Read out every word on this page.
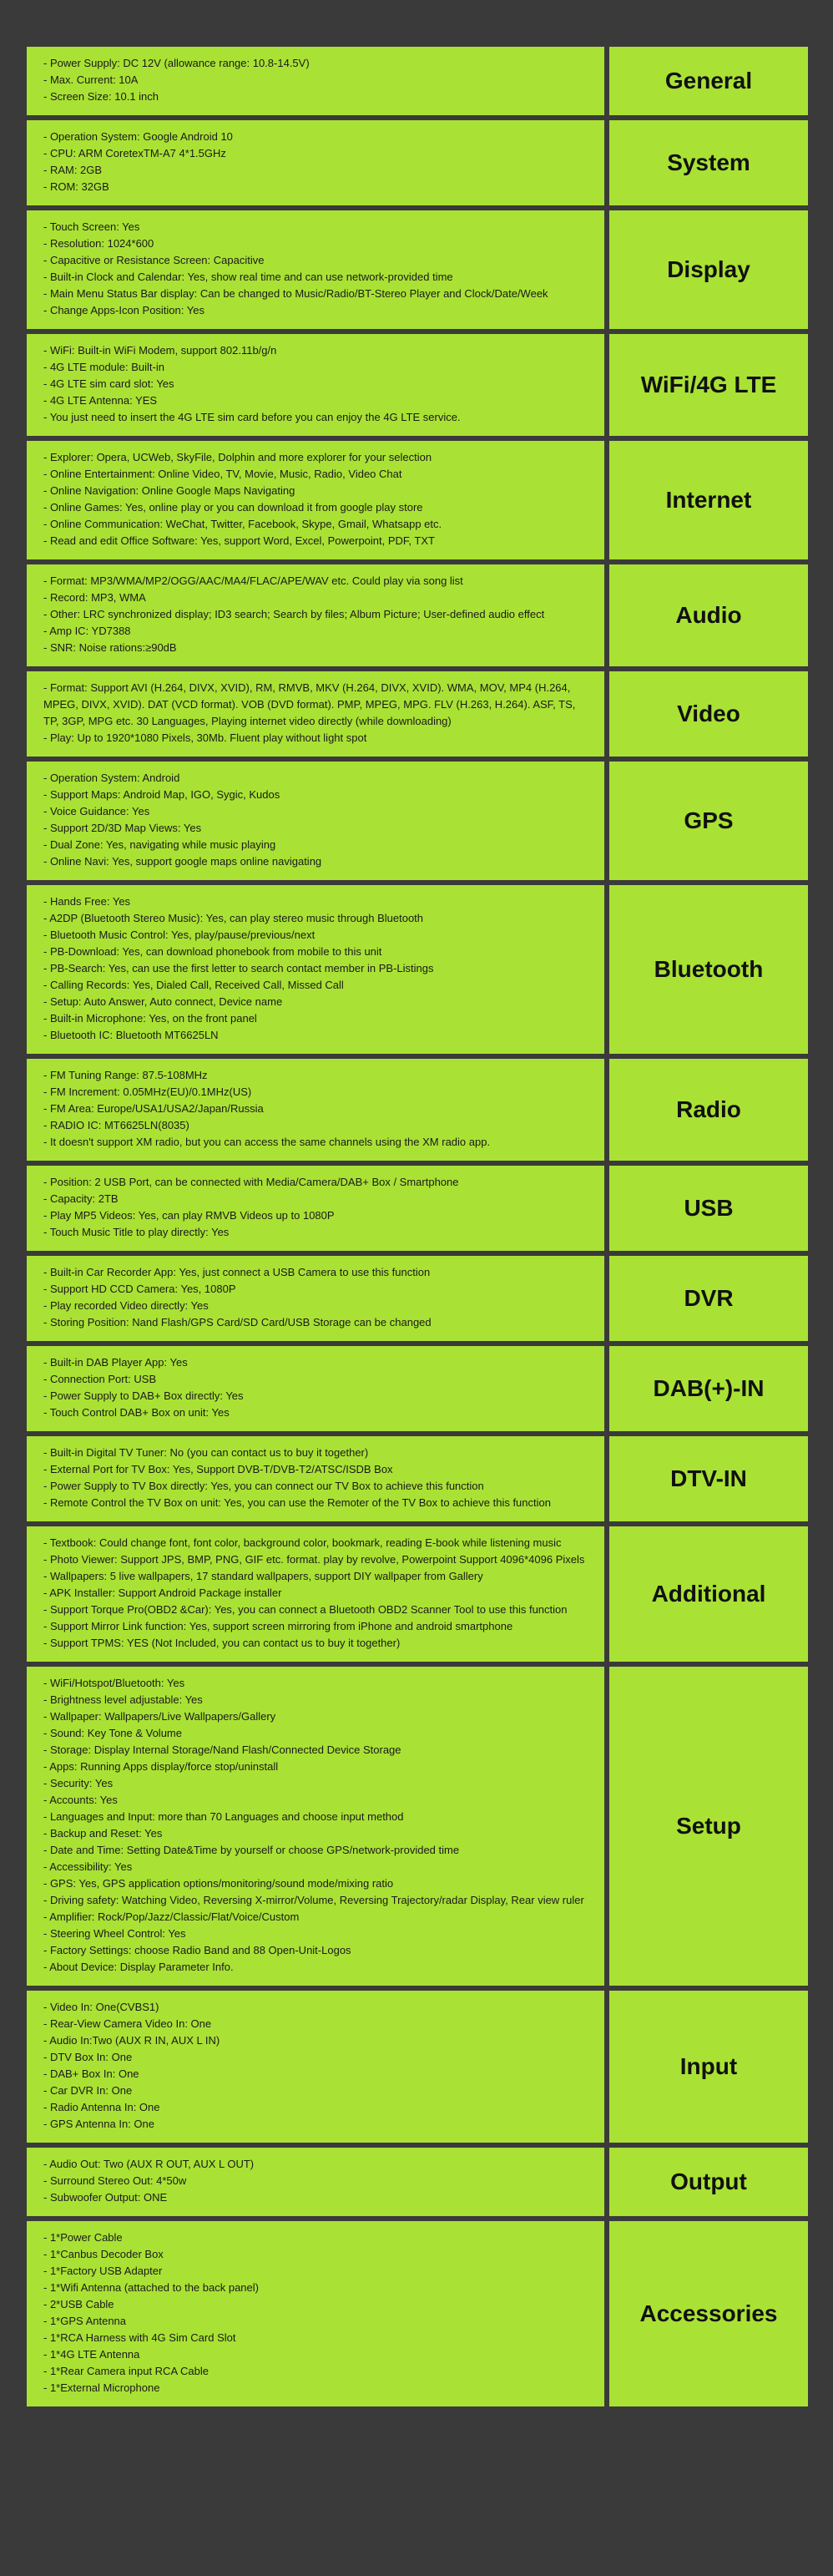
- Power Supply: DC 12V (allowance range: 10.8-14.5V)
- Max. Current: 10A
- Screen Size: 10.1 inch
General
- Operation System: Google Android 10
- CPU: ARM CoretexTM-A7 4*1.5GHz
- RAM: 2GB
- ROM: 32GB
System
- Touch Screen: Yes
- Resolution: 1024*600
- Capacitive or Resistance Screen: Capacitive
- Built-in Clock and Calendar: Yes, show real time and can use network-provided time
- Main Menu Status Bar display: Can be changed to Music/Radio/BT-Stereo Player and Clock/Date/Week
- Change Apps-Icon Position: Yes
Display
- WiFi: Built-in WiFi Modem, support 802.11b/g/n
- 4G LTE module: Built-in
- 4G LTE sim card slot: Yes
- 4G LTE Antenna: YES
- You just need to insert the 4G LTE sim card before you can enjoy the 4G LTE service.
WiFi/4G LTE
- Explorer: Opera, UCWeb, SkyFile, Dolphin and more explorer for your selection
- Online Entertainment: Online Video, TV, Movie, Music, Radio, Video Chat
- Online Navigation: Online Google Maps Navigating
- Online Games: Yes, online play or you can download it from google play store
- Online Communication: WeChat, Twitter, Facebook, Skype, Gmail, Whatsapp etc.
- Read and edit Office Software: Yes, support Word, Excel, Powerpoint, PDF, TXT
Internet
- Format: MP3/WMA/MP2/OGG/AAC/MA4/FLAC/APE/WAV etc. Could play via song list
- Record: MP3, WMA
- Other: LRC synchronized display; ID3 search; Search by files; Album Picture; User-defined audio effect
- Amp IC: YD7388
- SNR: Noise rations:≥90dB
Audio
- Format: Support AVI (H.264, DIVX, XVID), RM, RMVB, MKV (H.264, DIVX, XVID). WMA, MOV, MP4 (H.264, MPEG, DIVX, XVID). DAT (VCD format). VOB (DVD format). PMP, MPEG, MPG. FLV (H.263, H.264). ASF, TS, TP, 3GP, MPG etc. 30 Languages, Playing internet video directly (while downloading)
- Play: Up to 1920*1080 Pixels, 30Mb. Fluent play without light spot
Video
- Operation System: Android
- Support Maps: Android Map, IGO, Sygic, Kudos
- Voice Guidance: Yes
- Support 2D/3D Map Views: Yes
- Dual Zone: Yes, navigating while music playing
- Online Navi: Yes, support google maps online navigating
GPS
- Hands Free: Yes
- A2DP (Bluetooth Stereo Music): Yes, can play stereo music through Bluetooth
- Bluetooth Music Control: Yes, play/pause/previous/next
- PB-Download: Yes, can download phonebook from mobile to this unit
- PB-Search: Yes, can use the first letter to search contact member in PB-Listings
- Calling Records: Yes, Dialed Call, Received Call, Missed Call
- Setup: Auto Answer, Auto connect, Device name
- Built-in Microphone: Yes, on the front panel
- Bluetooth IC: Bluetooth MT6625LN
Bluetooth
- FM Tuning Range: 87.5-108MHz
- FM Increment: 0.05MHz(EU)/0.1MHz(US)
- FM Area: Europe/USA1/USA2/Japan/Russia
- RADIO IC: MT6625LN(8035)
- It doesn't support XM radio, but you can access the same channels using the XM radio app.
Radio
- Position: 2 USB Port, can be connected with Media/Camera/DAB+ Box / Smartphone
- Capacity: 2TB
- Play MP5 Videos: Yes, can play RMVB Videos up to 1080P
- Touch Music Title to play directly: Yes
USB
- Built-in Car Recorder App: Yes, just connect a USB Camera to use this function
- Support HD CCD Camera: Yes, 1080P
- Play recorded Video directly: Yes
- Storing Position: Nand Flash/GPS Card/SD Card/USB Storage can be changed
DVR
- Built-in DAB Player App: Yes
- Connection Port: USB
- Power Supply to DAB+ Box directly: Yes
- Touch Control DAB+ Box on unit: Yes
DAB(+)-IN
- Built-in Digital TV Tuner: No (you can contact us to buy it together)
- External Port for TV Box: Yes, Support DVB-T/DVB-T2/ATSC/ISDB Box
- Power Supply to TV Box directly: Yes, you can connect our TV Box to achieve this function
- Remote Control the TV Box on unit: Yes, you can use the Remoter of the TV Box to achieve this function
DTV-IN
- Textbook: Could change font, font color, background color, bookmark, reading E-book while listening music
- Photo Viewer: Support JPS, BMP, PNG, GIF etc. format. play by revolve, Powerpoint Support 4096*4096 Pixels
- Wallpapers: 5 live wallpapers, 17 standard wallpapers, support DIY wallpaper from Gallery
- APK Installer: Support Android Package installer
- Support Torque Pro(OBD2 &Car): Yes, you can connect a Bluetooth OBD2 Scanner Tool to use this function
- Support Mirror Link function: Yes, support screen mirroring from iPhone and android smartphone
- Support TPMS: YES (Not Included, you can contact us to buy it together)
Additional
- WiFi/Hotspot/Bluetooth: Yes
- Brightness level adjustable: Yes
- Wallpaper: Wallpapers/Live Wallpapers/Gallery
- Sound: Key Tone & Volume
- Storage: Display Internal Storage/Nand Flash/Connected Device Storage
- Apps: Running Apps display/force stop/uninstall
- Security: Yes
- Accounts: Yes
- Languages and Input: more than 70 Languages and choose input method
- Backup and Reset: Yes
- Date and Time: Setting Date&Time by yourself or choose GPS/network-provided time
- Accessibility: Yes
- GPS: Yes, GPS application options/monitoring/sound mode/mixing ratio
- Driving safety: Watching Video, Reversing X-mirror/Volume, Reversing Trajectory/radar Display, Rear view ruler
- Amplifier: Rock/Pop/Jazz/Classic/Flat/Voice/Custom
- Steering Wheel Control: Yes
- Factory Settings: choose Radio Band and 88 Open-Unit-Logos
- About Device: Display Parameter Info.
Setup
- Video In: One(CVBS1)
- Rear-View Camera Video In: One
- Audio In:Two (AUX R IN, AUX L IN)
- DTV Box In: One
- DAB+ Box In: One
- Car DVR In: One
- Radio Antenna In: One
- GPS Antenna In: One
Input
- Audio Out: Two (AUX R OUT, AUX L OUT)
- Surround Stereo Out: 4*50w
- Subwoofer Output: ONE
Output
- 1*Power Cable
- 1*Canbus Decoder Box
- 1*Factory USB Adapter
- 1*Wifi Antenna (attached to the back panel)
- 2*USB Cable
- 1*GPS Antenna
- 1*RCA Harness with 4G Sim Card Slot
- 1*4G LTE Antenna
- 1*Rear Camera input RCA Cable
- 1*External Microphone
Accessories
